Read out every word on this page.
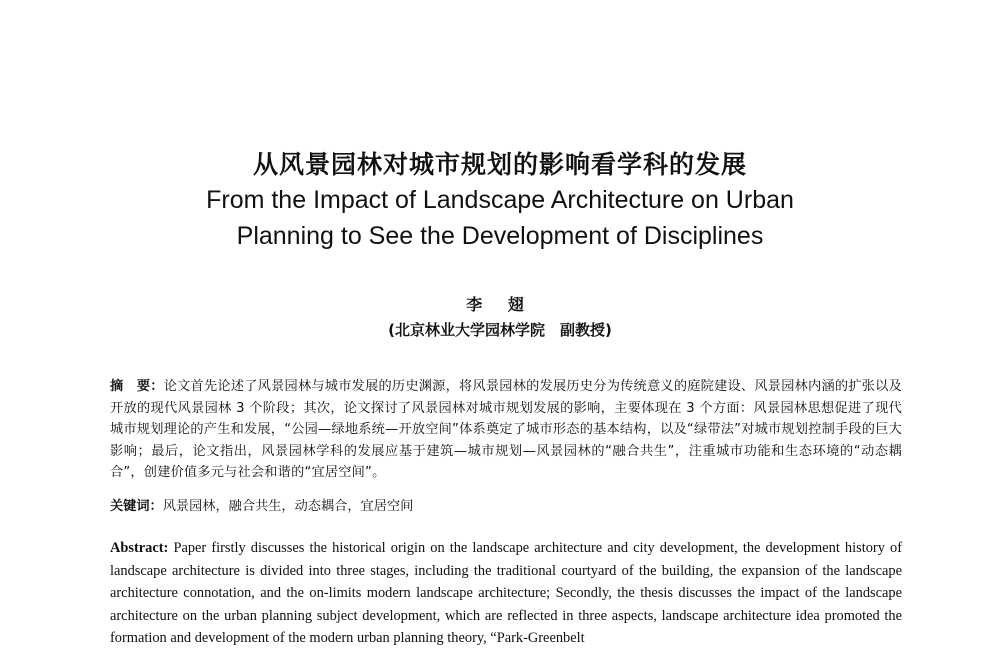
从风景园林对城市规划的影响看学科的发展
From the Impact of Landscape Architecture on Urban
Planning to See the Development of Disciplines
李 翅
(北京林业大学园林学院　副教授)
摘　要：论文首先论述了风景园林与城市发展的历史渊源，将风景园林的发展历史分为传统意义的庭院建设、风景园林内涵的扩张以及开放的现代风景园林 3 个阶段；其次，论文探讨了风景园林对城市规划发展的影响，主要体现在 3 个方面：风景园林思想促进了现代城市规划理论的产生和发展，“公园—绿地系统—开放空间”体系奠定了城市形态的基本结构，以及“绿带法”对城市规划控制手段的巨大影响；最后，论文指出，风景园林学科的发展应基于建筑—城市规划—风景园林的“融合共生”，注重城市功能和生态环境的“动态耦合”，创建价值多元与社会和谐的“宜居空间”。
关键词：风景园林，融合共生，动态耦合，宜居空间
Abstract: Paper firstly discusses the historical origin on the landscape architecture and city development, the development history of landscape architecture is divided into three stages, including the traditional courtyard of the building, the expansion of the landscape architecture connotation, and the on-limits modern landscape architecture; Secondly, the thesis discusses the impact of the landscape architecture on the urban planning subject development, which are reflected in three aspects, landscape architecture idea promoted the formation and development of the modern urban planning theory, “Park-Greenbelt
